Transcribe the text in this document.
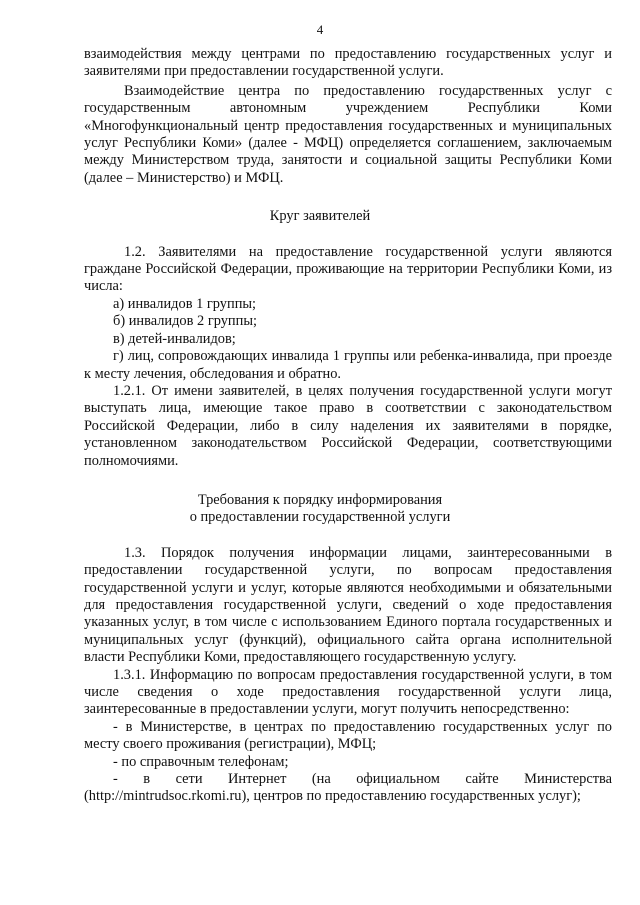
4

взаимодействия между центрами по предоставлению государственных услуг и заявителями при предоставлении государственной услуги.

Взаимодействие центра по предоставлению государственных услуг с государственным автономным учреждением Республики Коми «Многофункциональный центр предоставления государственных и муниципальных услуг Республики Коми» (далее - МФЦ) определяется соглашением, заключаемым между Министерством труда, занятости и социальной защиты Республики Коми (далее – Министерство) и МФЦ.

Круг заявителей

1.2. Заявителями на предоставление государственной услуги являются граждане Российской Федерации, проживающие на территории Республики Коми, из числа:

а) инвалидов 1 группы;

б) инвалидов 2 группы;

в) детей-инвалидов;

г) лиц, сопровождающих инвалида 1 группы или ребенка-инвалида, при проезде к месту лечения, обследования и обратно.

1.2.1. От имени заявителей, в целях получения государственной услуги могут выступать лица, имеющие такое право в соответствии с законодательством Российской Федерации, либо в силу наделения их заявителями в порядке, установленном законодательством Российской Федерации, соответствующими полномочиями.

Требования к порядку информирования
о предоставлении государственной услуги

1.3. Порядок получения информации лицами, заинтересованными в предоставлении государственной услуги, по вопросам предоставления государственной услуги и услуг, которые являются необходимыми и обязательными для предоставления государственной услуги, сведений о ходе предоставления указанных услуг, в том числе с использованием Единого портала государственных и муниципальных услуг (функций), официального сайта органа исполнительной власти Республики Коми, предоставляющего государственную услугу.

1.3.1. Информацию по вопросам предоставления государственной услуги, в том числе сведения о ходе предоставления государственной услуги лица, заинтересованные в предоставлении услуги, могут получить непосредственно:

- в Министерстве, в центрах по предоставлению государственных услуг по месту своего проживания (регистрации), МФЦ;

- по справочным телефонам;

- в сети Интернет (на официальном сайте Министерства (http://mintrudsoc.rkomi.ru), центров по предоставлению государственных услуг);
